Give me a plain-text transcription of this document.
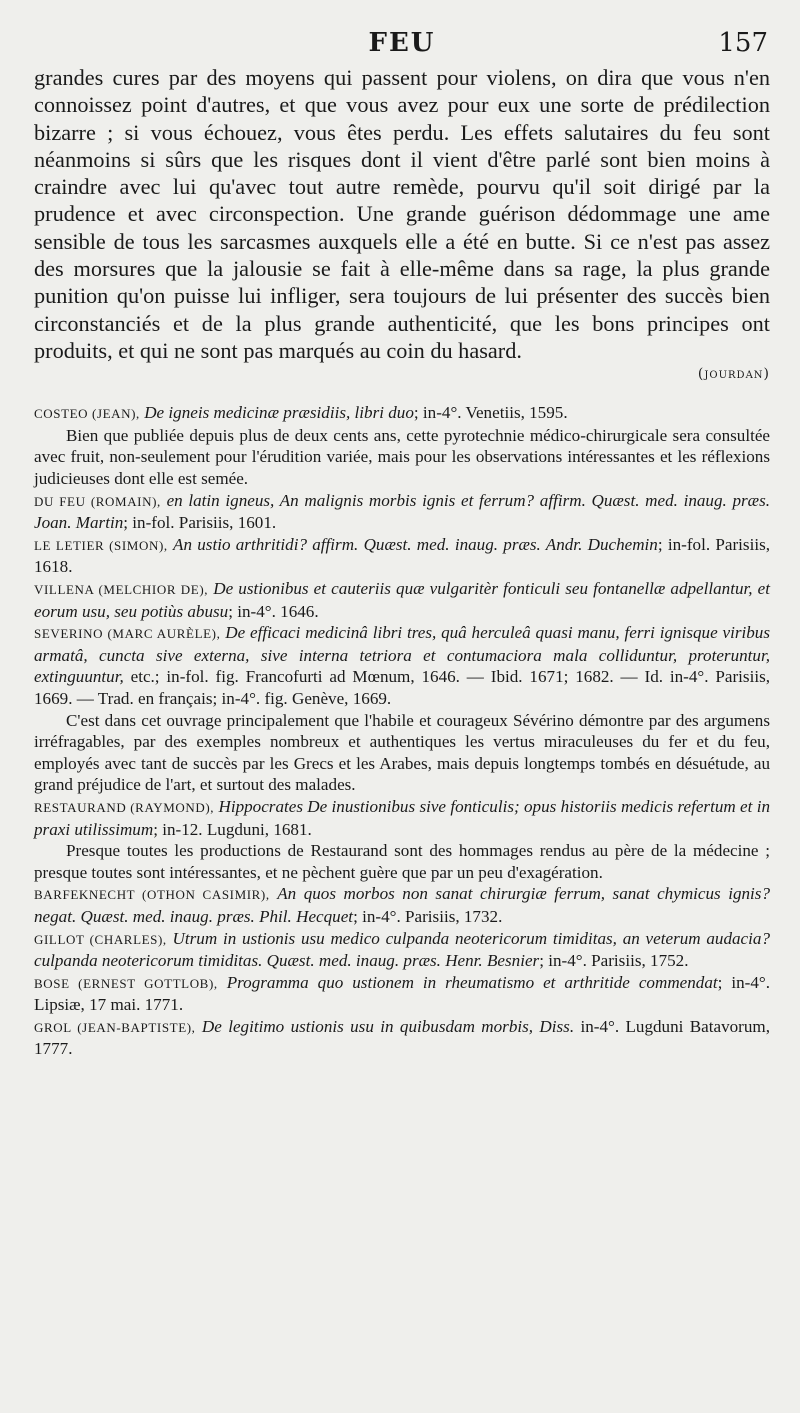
FEU	157

grandes cures par des moyens qui passent pour violens, on dira que vous n'en connoissez point d'autres, et que vous avez pour eux une sorte de prédilection bizarre ; si vous échouez, vous êtes perdu. Les effets salutaires du feu sont néanmoins si sûrs que les risques dont il vient d'être parlé sont bien moins à craindre avec lui qu'avec tout autre remède, pourvu qu'il soit dirigé par la prudence et avec circonspection. Une grande guérison dédommage une ame sensible de tous les sarcasmes auxquels elle a été en butte. Si ce n'est pas assez des morsures que la jalousie se fait à elle-même dans sa rage, la plus grande punition qu'on puisse lui infliger, sera toujours de lui présenter des succès bien circonstanciés et de la plus grande authenticité, que les bons principes ont produits, et qui ne sont pas marqués au coin du hasard.

(jourdan)
COSTEO (JEAN), De igneis medicinæ præsidiis, libri duo; in-4°. Venetiis, 1595.

Bien que publiée depuis plus de deux cents ans, cette pyrotechnie médico-chirurgicale sera consultée avec fruit, non-seulement pour l'érudition variée, mais pour les observations intéressantes et les réflexions judicieuses dont elle est semée.

DU FEU (ROMAIN), en latin igneus, An malignis morbis ignis et ferrum? affirm. Quæst. med. inaug. præs. Joan. Martin; in-fol. Parisiis, 1601.
LE LETIER (SIMON), An ustio arthritidi? affirm. Quæst. med. inaug. præs. Andr. Duchemin; in-fol. Parisiis, 1618.
VILLENA (MELCHIOR DE), De ustionibus et cauteriis quæ vulgaritèr fonticuli seu fontanellæ adpellantur, et eorum usu, seu potiùs abusu; in-4°. 1646.
SEVERINO (MARC AURÈLE), De efficaci medicinâ libri tres, quâ herculeâ quasi manu, ferri ignisque viribus armatâ, cuncta sive externa, sive interna tetriora et contumaciora mala colliduntur, proteruntur, extinguuntur, etc.; in-fol. fig. Francofurti ad Mœnum, 1646. — Ibid. 1671; 1682. — Id. in-4°. Parisiis, 1669. — Trad. en français; in-4°. fig. Genève, 1669.

C'est dans cet ouvrage principalement que l'habile et courageux Sévérino démontre par des argumens irréfragables, par des exemples nombreux et authentiques les vertus miraculeuses du fer et du feu, employés avec tant de succès par les Grecs et les Arabes, mais depuis longtemps tombés en désuétude, au grand préjudice de l'art, et surtout des malades.

RESTAURAND (RAYMOND), Hippocrates De inustionibus sive fonticulis; opus historiis medicis refertum et in praxi utilissimum; in-12. Lugduni, 1681.

Presque toutes les productions de Restaurand sont des hommages rendus au père de la médecine ; presque toutes sont intéressantes, et ne pèchent guère que par un peu d'exagération.

BARFEKNECHT (OTHON CASIMIR), An quos morbos non sanat chirurgiæ ferrum, sanat chymicus ignis? negat. Quæst. med. inaug. præs. Phil. Hecquet; in-4°. Parisiis, 1732.
GILLOT (CHARLES), Utrum in ustionis usu medico culpanda neotericorum timiditas, an veterum audacia? culpanda neotericorum timiditas. Quæst. med. inaug. præs. Henr. Besnier; in-4°. Parisiis, 1752.
BOSE (ERNEST GOTTLOB), Programma quo ustionem in rheumatismo et arthritide commendat; in-4°. Lipsiæ, 17 mai. 1771.
GROL (JEAN-BAPTISTE), De legitimo ustionis usu in quibusdam morbis, Diss. in-4°. Lugduni Batavorum, 1777.
